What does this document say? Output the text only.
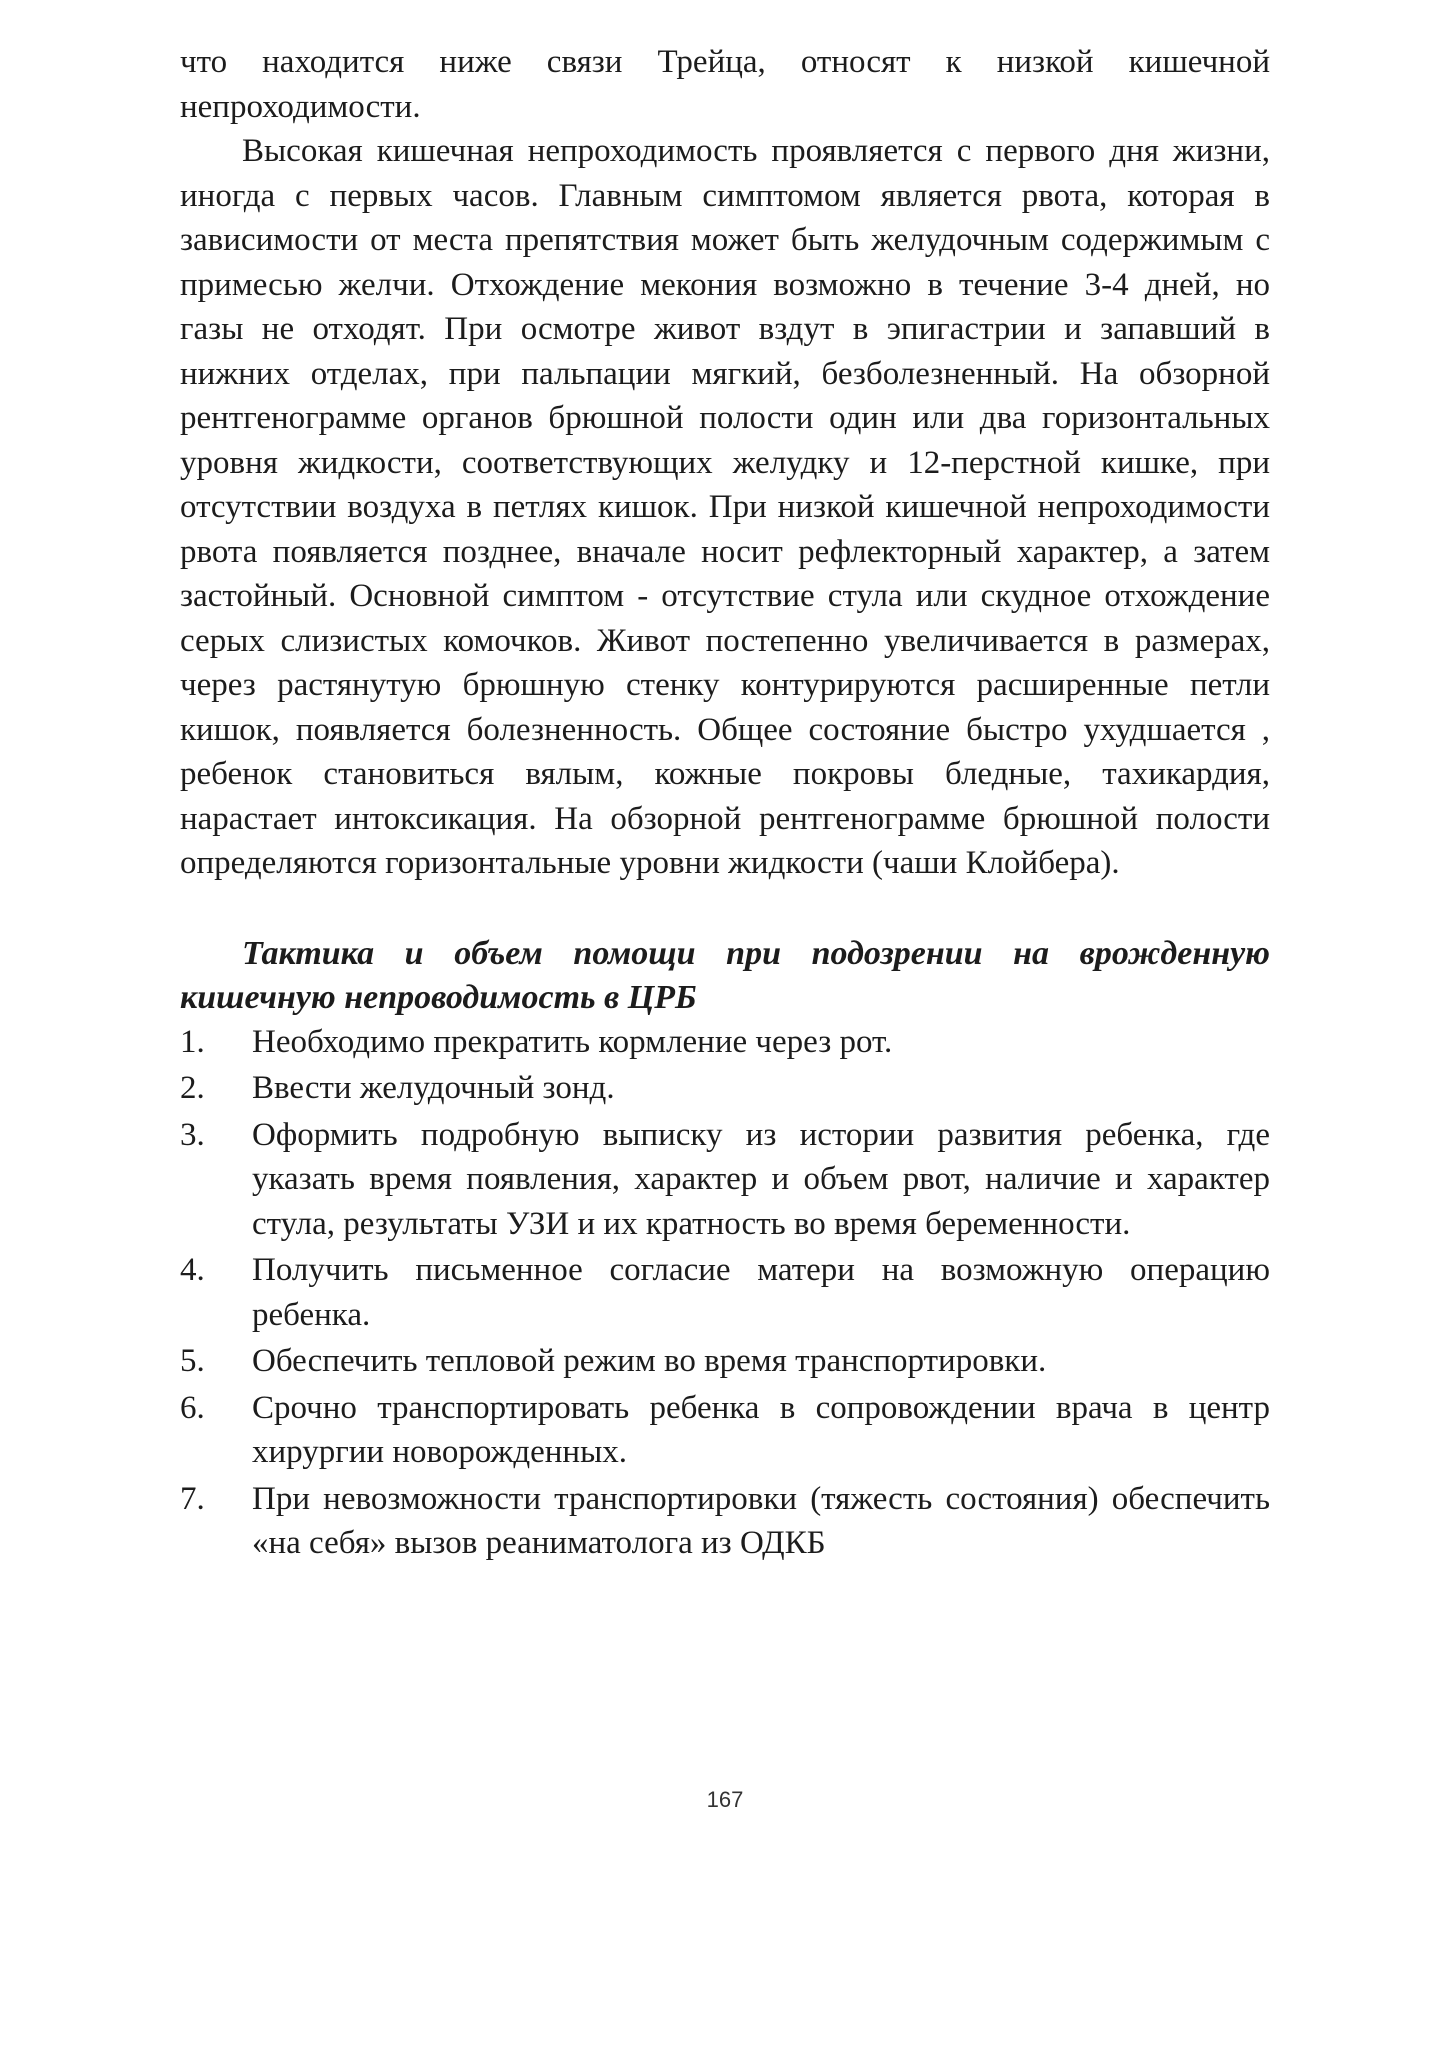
что находится ниже связи Трейца, относят к низкой кишечной непроходимости.

Высокая кишечная непроходимость проявляется с первого дня жизни, иногда с первых часов. Главным симптомом является рвота, которая в зависимости от места препятствия может быть желудочным содержимым с примесью желчи. Отхождение мекония возможно в течение 3-4 дней, но газы не отходят. При осмотре живот вздут в эпигастрии и запавший в нижних отделах, при пальпации мягкий, безболезненный. На обзорной рентгенограмме органов брюшной полости один или два горизонтальных уровня жидкости, соответствующих желудку и 12-перстной кишке, при отсутствии воздуха в петлях кишок. При низкой кишечной непроходимости рвота появляется позднее, вначале носит рефлекторный характер, а затем застойный. Основной симптом - отсутствие стула или скудное отхождение серых слизистых комочков. Живот постепенно увеличивается в размерах, через растянутую брюшную стенку контурируются расширенные петли кишок, появляется болезненность. Общее состояние быстро ухудшается , ребенок становиться вялым, кожные покровы бледные, тахикардия, нарастает интоксикация. На обзорной рентгенограмме брюшной полости определяются горизонтальные уровни жидкости (чаши Клойбера).

Тактика и объем помощи при подозрении на врожденную кишечную непроводимость в ЦРБ

1.	Необходимо прекратить кормление через рот.
2.	Ввести желудочный зонд.
3.	Оформить подробную выписку из истории развития ребенка, где указать время появления, характер и объем рвот, наличие и характер стула, результаты УЗИ и их кратность во время беременности.
4.	Получить письменное согласие матери на возможную операцию ребенка.
5.	Обеспечить тепловой режим во время транспортировки.
6.	Срочно транспортировать ребенка в сопровождении врача в центр хирургии новорожденных.
7.	При невозможности транспортировки (тяжесть состояния) обеспечить «на себя» вызов реаниматолога из ОДКБ
167
